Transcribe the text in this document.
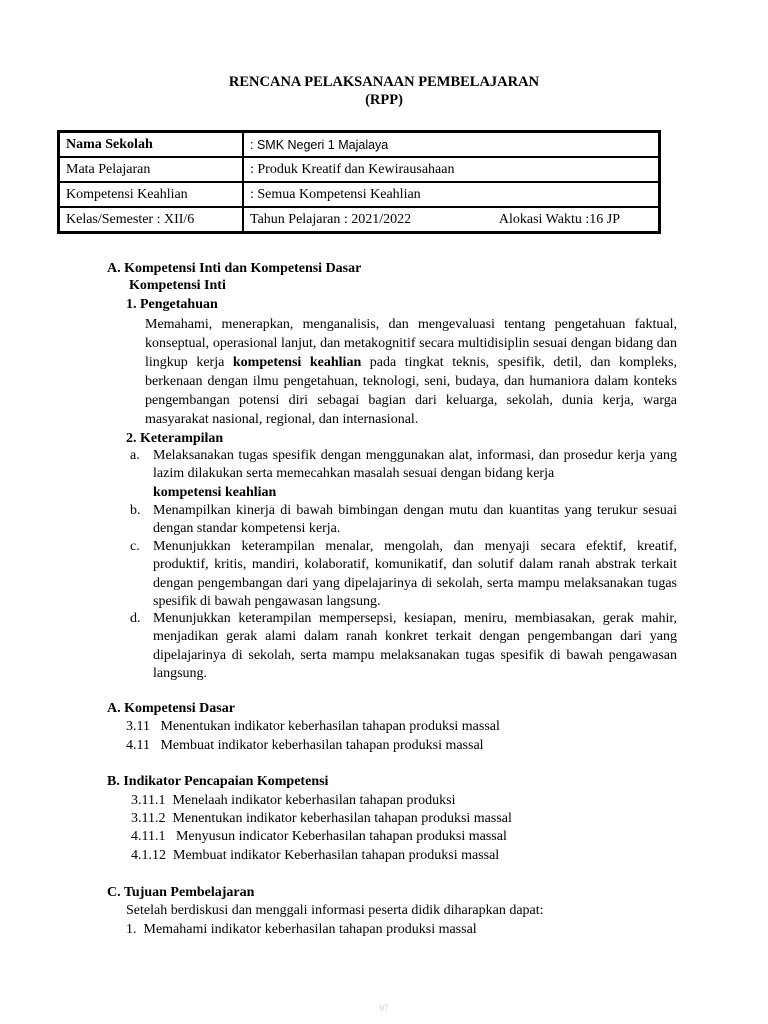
RENCANA PELAKSANAAN PEMBELAJARAN
(RPP)
Nama Sekolah	: SMK Negeri 1 Majalaya
Mata Pelajaran	: Produk Kreatif dan Kewirausahaan
Kompetensi Keahlian	: Semua Kompetensi Keahlian
Kelas/Semester : XII/6	Tahun Pelajaran : 2021/2022 Alokasi Waktu :16 JP
A. Kompetensi Inti dan Kompetensi Dasar
Kompetensi Inti
1. Pengetahuan
Memahami, menerapkan, menganalisis, dan mengevaluasi tentang pengetahuan faktual, konseptual, operasional lanjut, dan metakognitif secara multidisiplin sesuai dengan bidang dan lingkup kerja kompetensi keahlian pada tingkat teknis, spesifik, detil, dan kompleks, berkenaan dengan ilmu pengetahuan, teknologi, seni, budaya, dan humaniora dalam konteks pengembangan potensi diri sebagai bagian dari keluarga, sekolah, dunia kerja, warga masyarakat nasional, regional, dan internasional.
2. Keterampilan
a. Melaksanakan tugas spesifik dengan menggunakan alat, informasi, dan prosedur kerja yang lazim dilakukan serta memecahkan masalah sesuai dengan bidang kerja
kompetensi keahlian
b. Menampilkan kinerja di bawah bimbingan dengan mutu dan kuantitas yang terukur sesuai dengan standar kompetensi kerja.
c. Menunjukkan keterampilan menalar, mengolah, dan menyaji secara efektif, kreatif, produktif, kritis, mandiri, kolaboratif, komunikatif, dan solutif dalam ranah abstrak terkait dengan pengembangan dari yang dipelajarinya di sekolah, serta mampu melaksanakan tugas spesifik di bawah pengawasan langsung.
d. Menunjukkan keterampilan mempersepsi, kesiapan, meniru, membiasakan, gerak mahir, menjadikan gerak alami dalam ranah konkret terkait dengan pengembangan dari yang dipelajarinya di sekolah, serta mampu melaksanakan tugas spesifik di bawah pengawasan langsung.
A. Kompetensi Dasar
3.11   Menentukan indikator keberhasilan tahapan produksi massal
4.11   Membuat indikator keberhasilan tahapan produksi massal
B. Indikator Pencapaian Kompetensi
3.11.1  Menelaah indikator keberhasilan tahapan produksi
3.11.2  Menentukan indikator keberhasilan tahapan produksi massal
4.11.1   Menyusun indicator Keberhasilan tahapan produksi massal
4.1.12  Membuat indikator Keberhasilan tahapan produksi massal
C. Tujuan Pembelajaran
Setelah berdiskusi dan menggali informasi peserta didik diharapkan dapat:
1.  Memahami indikator keberhasilan tahapan produksi massal
97
